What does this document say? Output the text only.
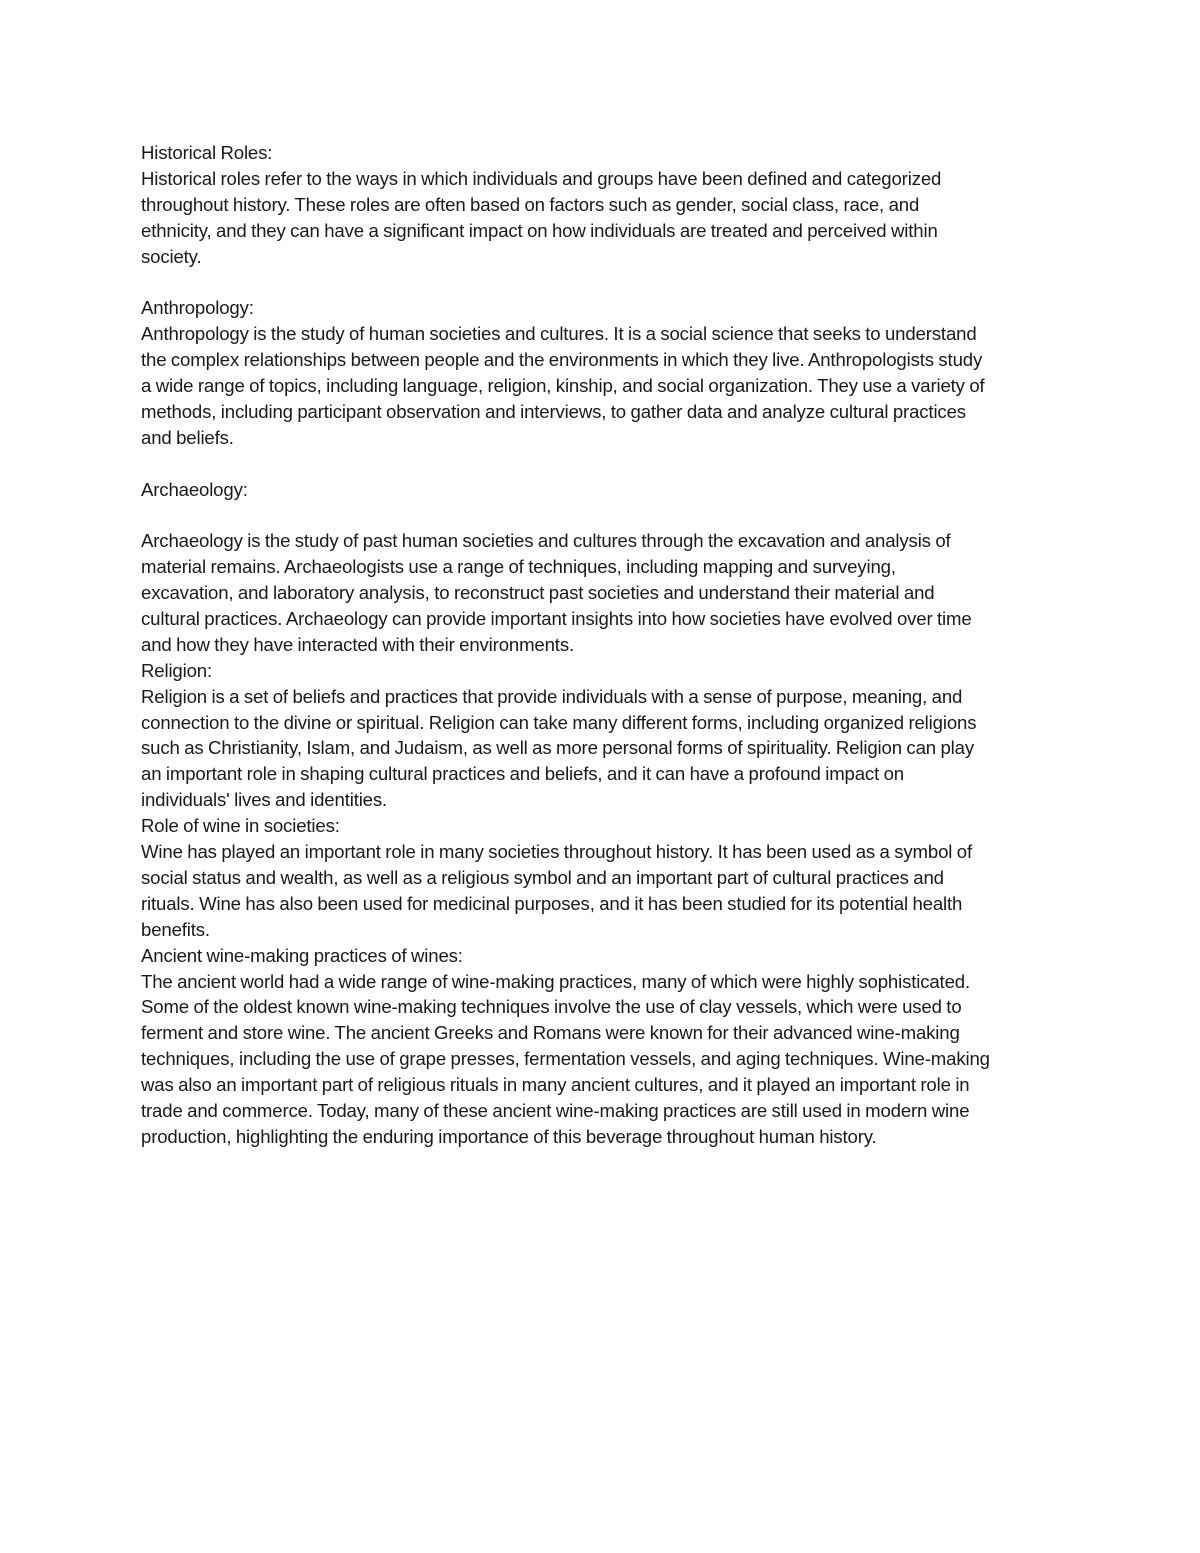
Historical Roles:
Historical roles refer to the ways in which individuals and groups have been defined and categorized
throughout history. These roles are often based on factors such as gender, social class, race, and
ethnicity, and they can have a significant impact on how individuals are treated and perceived within
society.
Anthropology:
Anthropology is the study of human societies and cultures. It is a social science that seeks to understand
the complex relationships between people and the environments in which they live. Anthropologists study
a wide range of topics, including language, religion, kinship, and social organization. They use a variety of
methods, including participant observation and interviews, to gather data and analyze cultural practices
and beliefs.
Archaeology:
Archaeology is the study of past human societies and cultures through the excavation and analysis of
material remains. Archaeologists use a range of techniques, including mapping and surveying,
excavation, and laboratory analysis, to reconstruct past societies and understand their material and
cultural practices. Archaeology can provide important insights into how societies have evolved over time
and how they have interacted with their environments.
Religion:
Religion is a set of beliefs and practices that provide individuals with a sense of purpose, meaning, and
connection to the divine or spiritual. Religion can take many different forms, including organized religions
such as Christianity, Islam, and Judaism, as well as more personal forms of spirituality. Religion can play
an important role in shaping cultural practices and beliefs, and it can have a profound impact on
individuals' lives and identities.
Role of wine in societies:
Wine has played an important role in many societies throughout history. It has been used as a symbol of
social status and wealth, as well as a religious symbol and an important part of cultural practices and
rituals. Wine has also been used for medicinal purposes, and it has been studied for its potential health
benefits.
Ancient wine-making practices of wines:
The ancient world had a wide range of wine-making practices, many of which were highly sophisticated.
Some of the oldest known wine-making techniques involve the use of clay vessels, which were used to
ferment and store wine. The ancient Greeks and Romans were known for their advanced wine-making
techniques, including the use of grape presses, fermentation vessels, and aging techniques. Wine-making
was also an important part of religious rituals in many ancient cultures, and it played an important role in
trade and commerce. Today, many of these ancient wine-making practices are still used in modern wine
production, highlighting the enduring importance of this beverage throughout human history.
